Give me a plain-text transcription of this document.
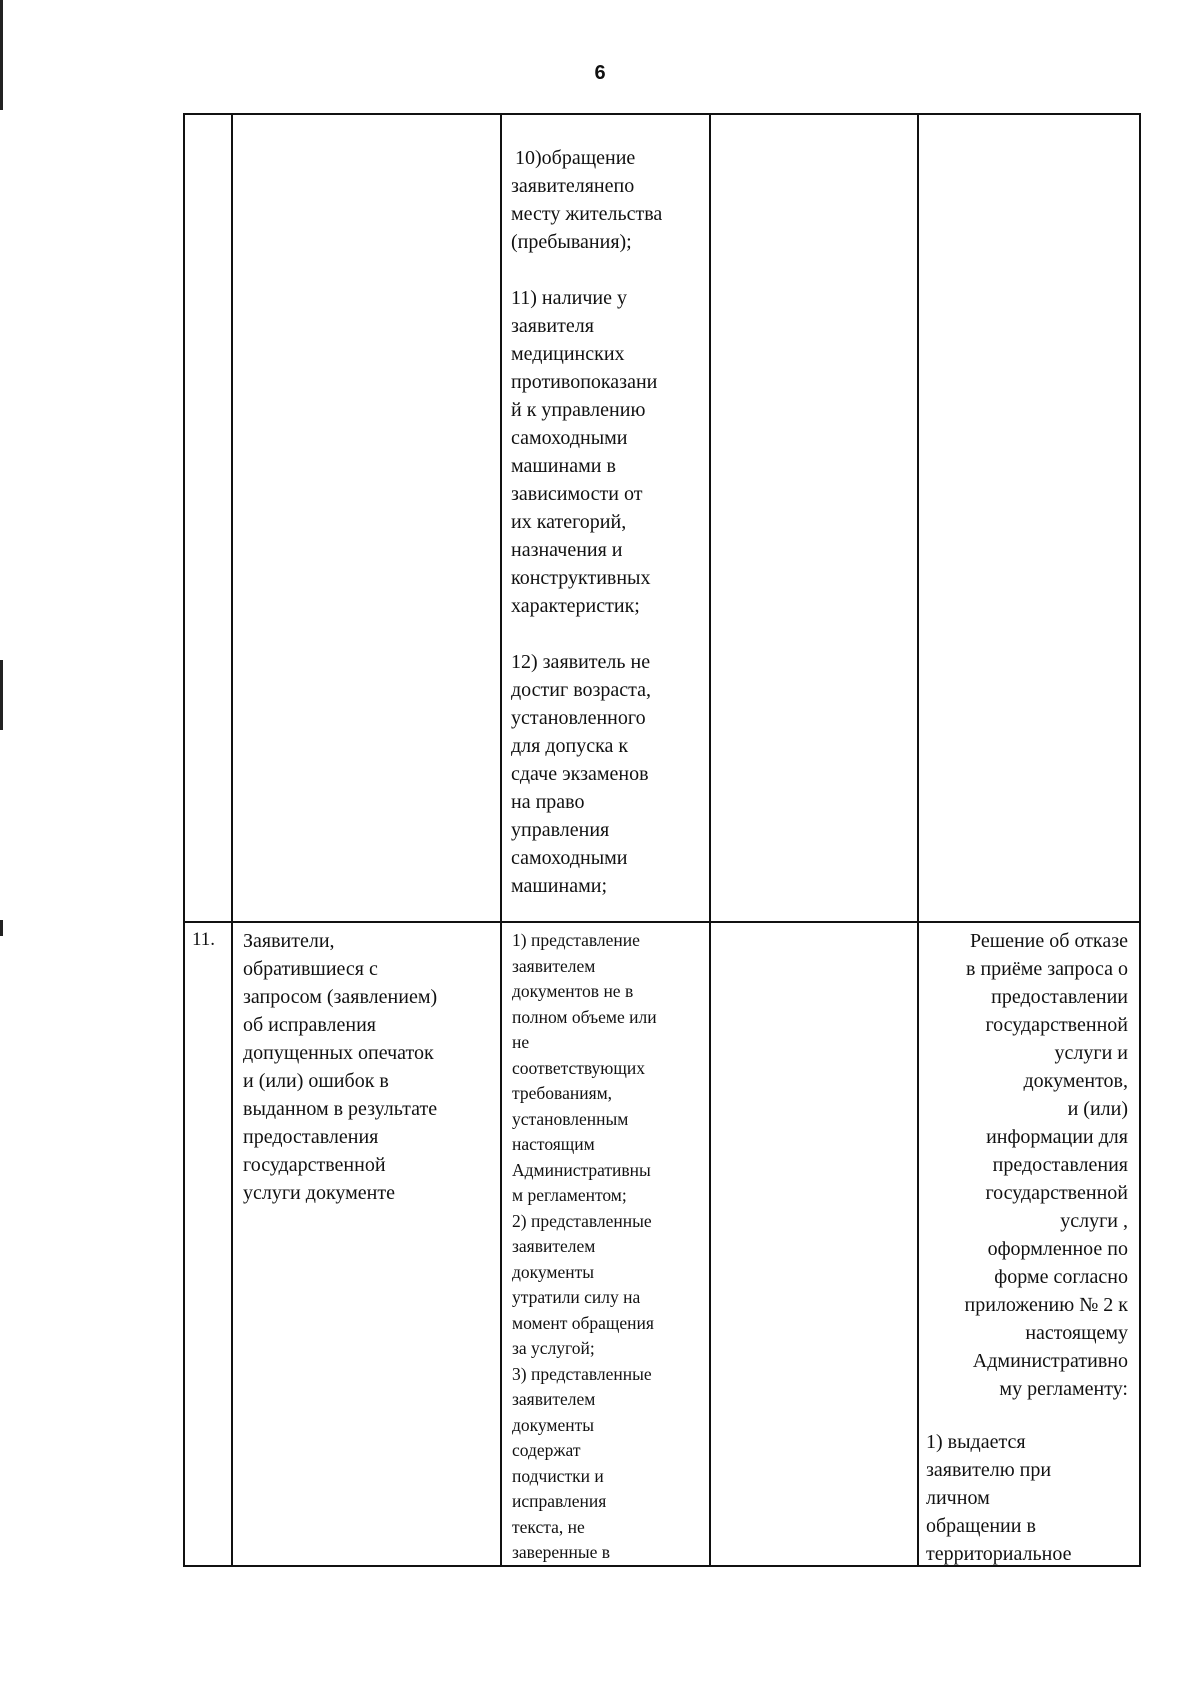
6
10)обращение
заявителянепо
месту жительства
(пребывания);
11) наличие у
заявителя
медицинских
противопоказани
й к управлению
самоходными
машинами в
зависимости от
их категорий,
назначения и
конструктивных
характеристик;
12) заявитель не
достиг возраста,
установленного
для допуска к
сдаче экзаменов
на право
управления
самоходными
машинами;
11. Заявители,
обратившиеся с
запросом (заявлением)
об исправления
допущенных опечаток
и (или) ошибок в
выданном в результате
предоставления
государственной
услуги документе
1) представление
заявителем
документов не в
полном объеме или
не
соответствующих
требованиям,
установленным
настоящим
Административны
м регламентом;
2) представленные
заявителем
документы
утратили силу на
момент обращения
за услугой;
3) представленные
заявителем
документы
содержат
подчистки и
исправления
текста, не
заверенные в
Решение об отказе
в приёме запроса о
предоставлении
государственной
услуги и
документов,
и (или)
информации для
предоставления
государственной
услуги ,
оформленное по
форме согласно
приложению № 2 к
настоящему
Административно
му регламенту:
1) выдается
заявителю при
личном
обращении в
территориальное
